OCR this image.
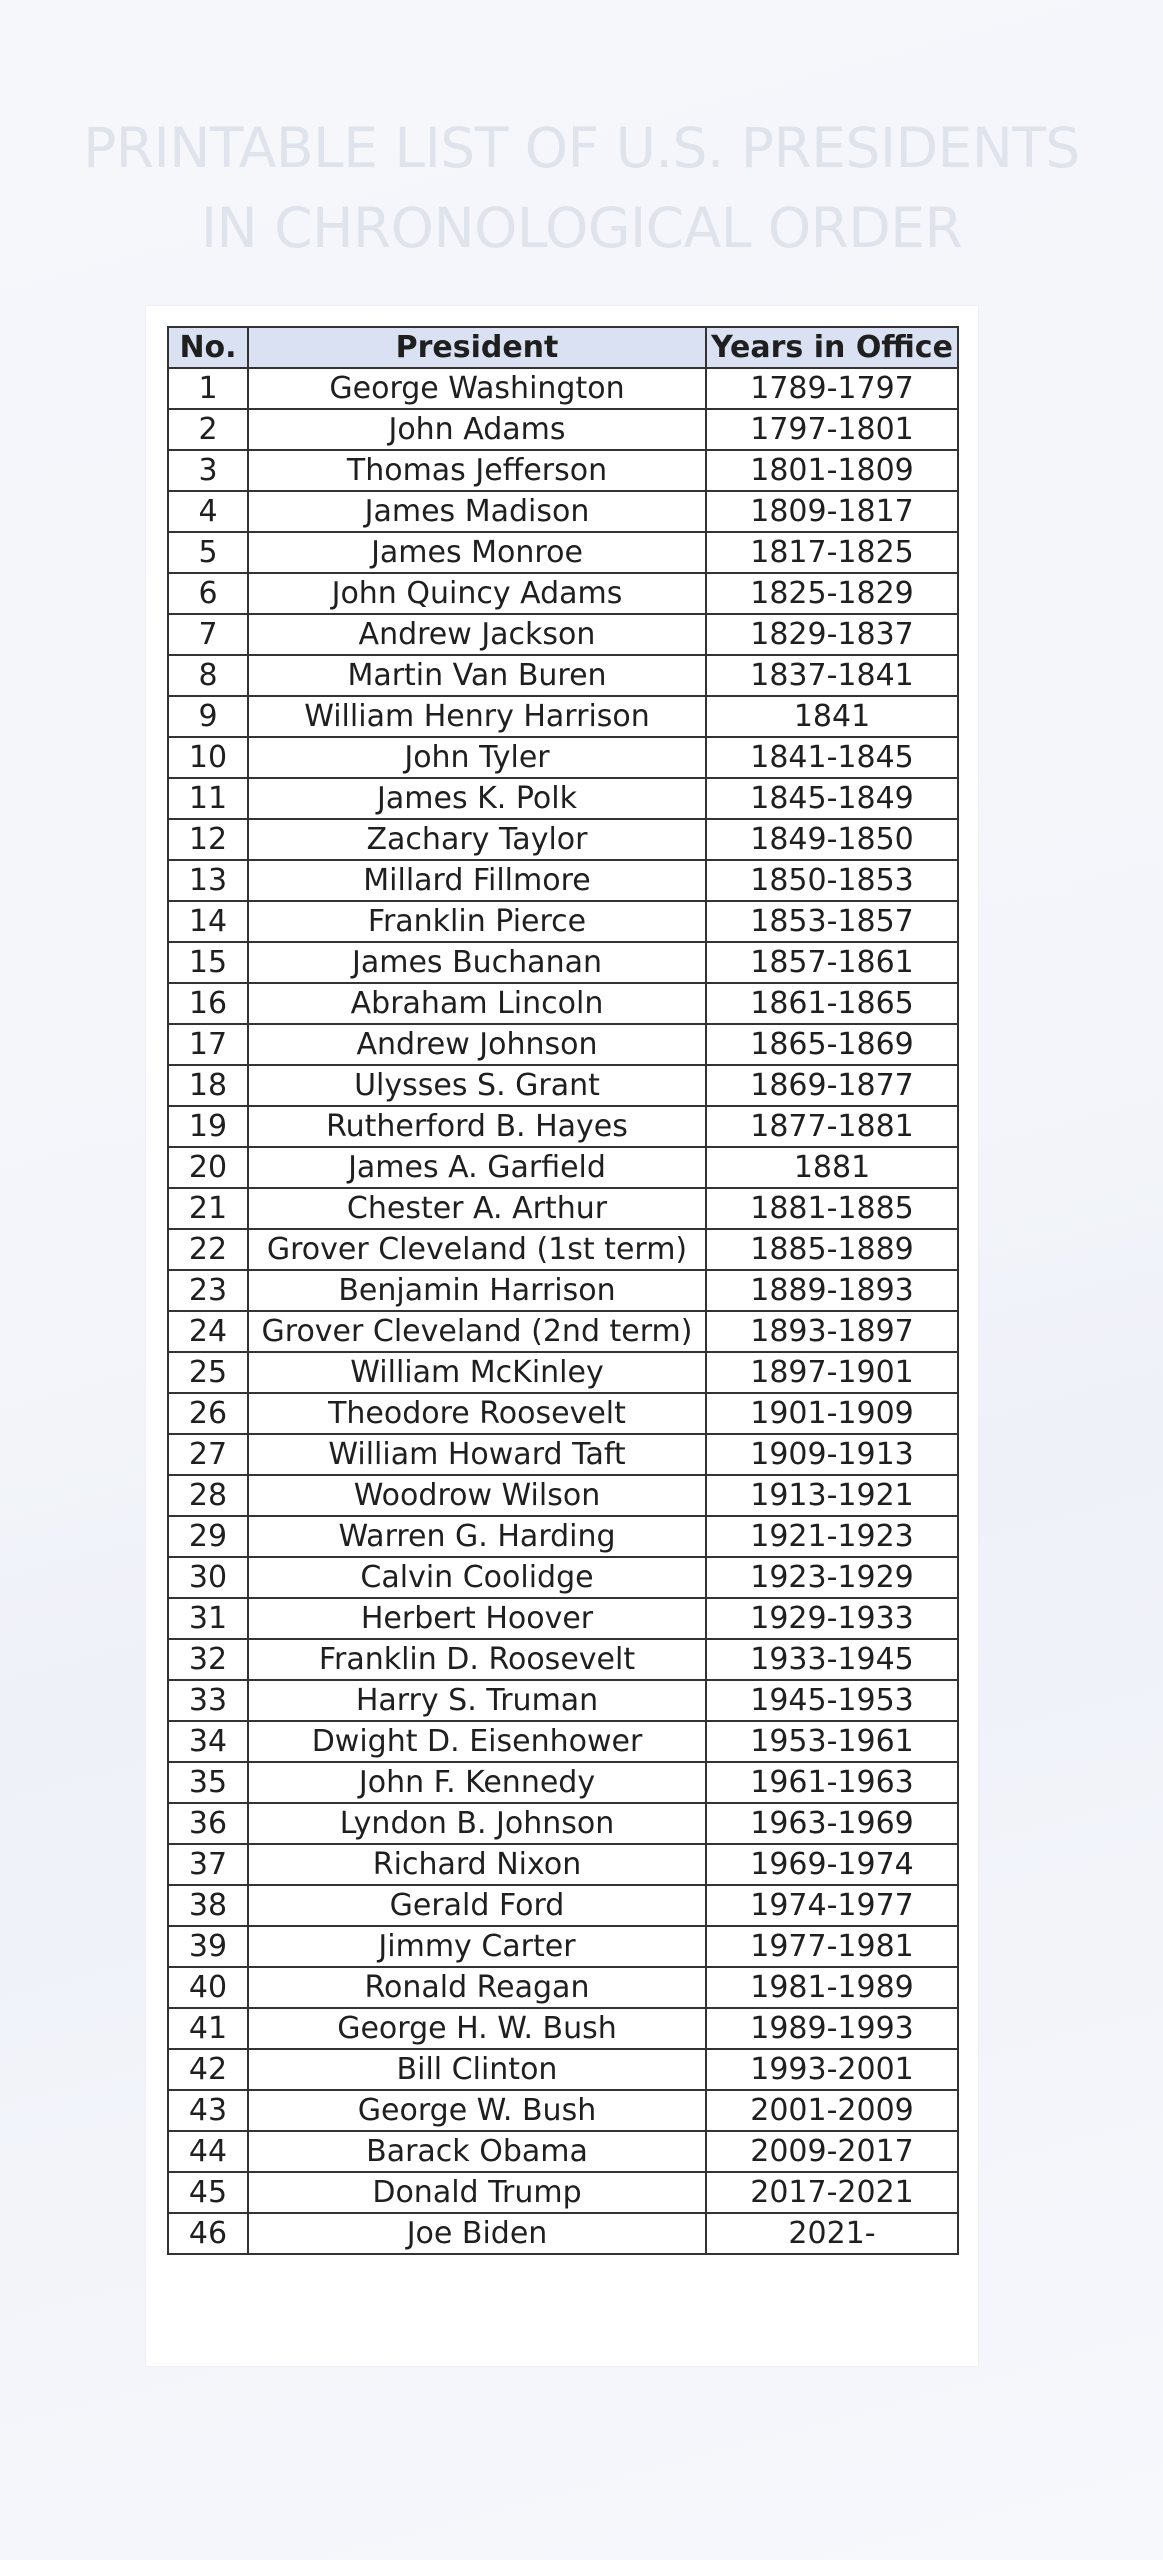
PRINTABLE LIST OF U.S. PRESIDENTS
IN CHRONOLOGICAL ORDER
No.	President	Years in Office
1	George Washington	1789-1797
2	John Adams	1797-1801
3	Thomas Jefferson	1801-1809
4	James Madison	1809-1817
5	James Monroe	1817-1825
6	John Quincy Adams	1825-1829
7	Andrew Jackson	1829-1837
8	Martin Van Buren	1837-1841
9	William Henry Harrison	1841
10	John Tyler	1841-1845
11	James K. Polk	1845-1849
12	Zachary Taylor	1849-1850
13	Millard Fillmore	1850-1853
14	Franklin Pierce	1853-1857
15	James Buchanan	1857-1861
16	Abraham Lincoln	1861-1865
17	Andrew Johnson	1865-1869
18	Ulysses S. Grant	1869-1877
19	Rutherford B. Hayes	1877-1881
20	James A. Garfield	1881
21	Chester A. Arthur	1881-1885
22	Grover Cleveland (1st term)	1885-1889
23	Benjamin Harrison	1889-1893
24	Grover Cleveland (2nd term)	1893-1897
25	William McKinley	1897-1901
26	Theodore Roosevelt	1901-1909
27	William Howard Taft	1909-1913
28	Woodrow Wilson	1913-1921
29	Warren G. Harding	1921-1923
30	Calvin Coolidge	1923-1929
31	Herbert Hoover	1929-1933
32	Franklin D. Roosevelt	1933-1945
33	Harry S. Truman	1945-1953
34	Dwight D. Eisenhower	1953-1961
35	John F. Kennedy	1961-1963
36	Lyndon B. Johnson	1963-1969
37	Richard Nixon	1969-1974
38	Gerald Ford	1974-1977
39	Jimmy Carter	1977-1981
40	Ronald Reagan	1981-1989
41	George H. W. Bush	1989-1993
42	Bill Clinton	1993-2001
43	George W. Bush	2001-2009
44	Barack Obama	2009-2017
45	Donald Trump	2017-2021
46	Joe Biden	2021-
